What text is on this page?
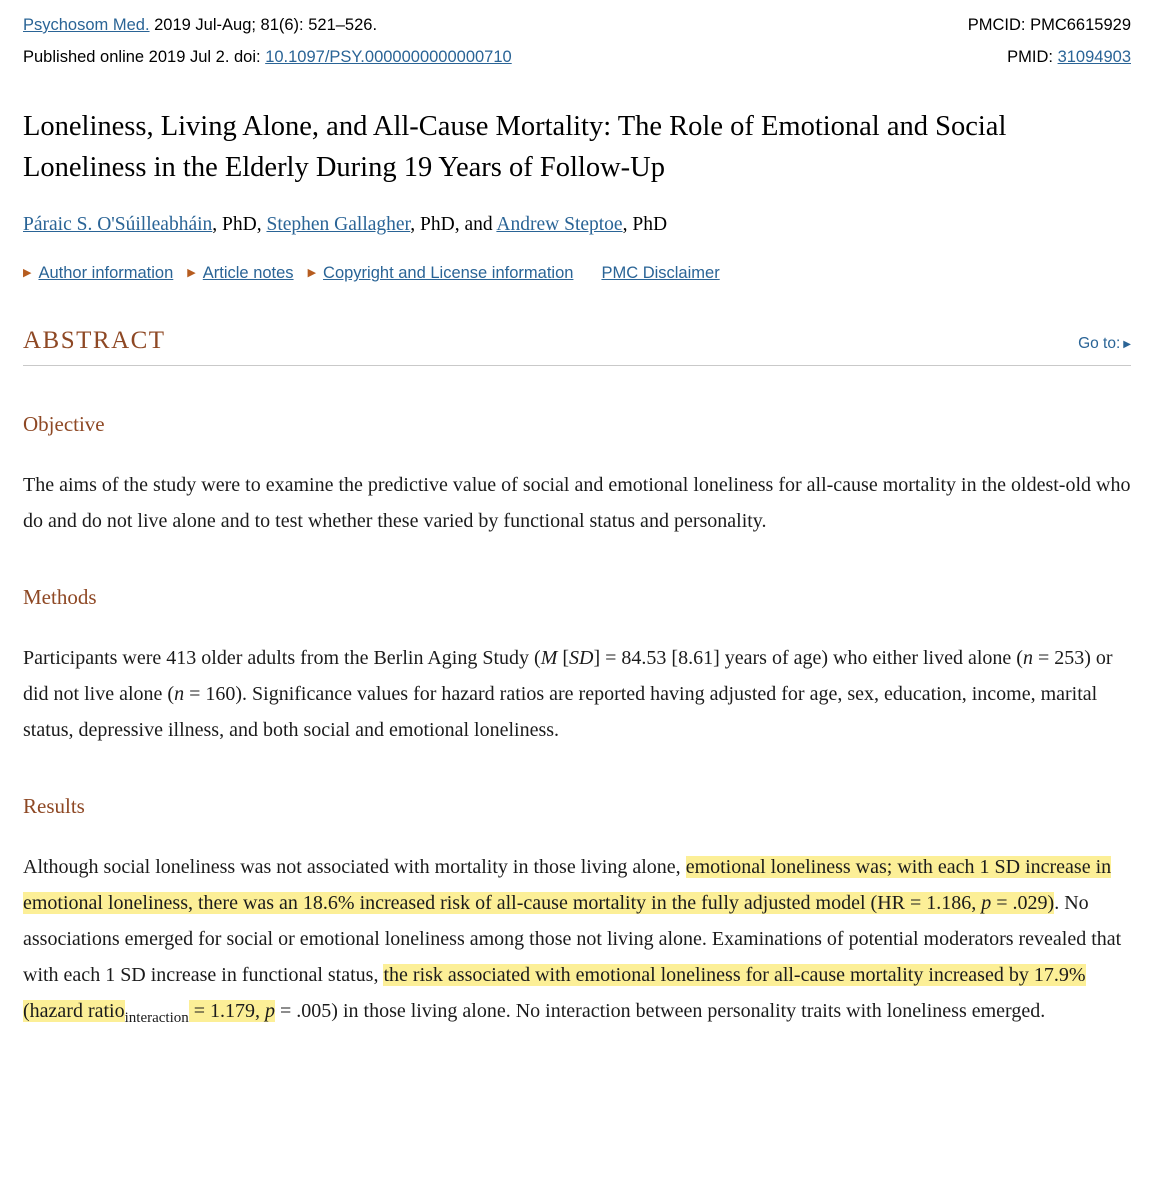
Psychosom Med. 2019 Jul-Aug; 81(6): 521–526.	PMCID: PMC6615929
Published online 2019 Jul 2. doi: 10.1097/PSY.0000000000000710	PMID: 31094903
Loneliness, Living Alone, and All-Cause Mortality: The Role of Emotional and Social Loneliness in the Elderly During 19 Years of Follow-Up
Páraic S. O'Súilleabháin, PhD, Stephen Gallagher, PhD, and Andrew Steptoe, PhD
▶ Author information ▶ Article notes ▶ Copyright and License information	PMC Disclaimer
ABSTRACT	Go to: ▶
Objective

The aims of the study were to examine the predictive value of social and emotional loneliness for all-cause mortality in the oldest-old who do and do not live alone and to test whether these varied by functional status and personality.

Methods

Participants were 413 older adults from the Berlin Aging Study (M [SD] = 84.53 [8.61] years of age) who either lived alone (n = 253) or did not live alone (n = 160). Significance values for hazard ratios are reported having adjusted for age, sex, education, income, marital status, depressive illness, and both social and emotional loneliness.

Results

Although social loneliness was not associated with mortality in those living alone, emotional loneliness was; with each 1 SD increase in emotional loneliness, there was an 18.6% increased risk of all-cause mortality in the fully adjusted model (HR = 1.186, p = .029). No associations emerged for social or emotional loneliness among those not living alone. Examinations of potential moderators revealed that with each 1 SD increase in functional status, the risk associated with emotional loneliness for all-cause mortality increased by 17.9% (hazard ratio$_{interaction}$ = 1.179, p = .005) in those living alone. No interaction between personality traits with loneliness emerged.
